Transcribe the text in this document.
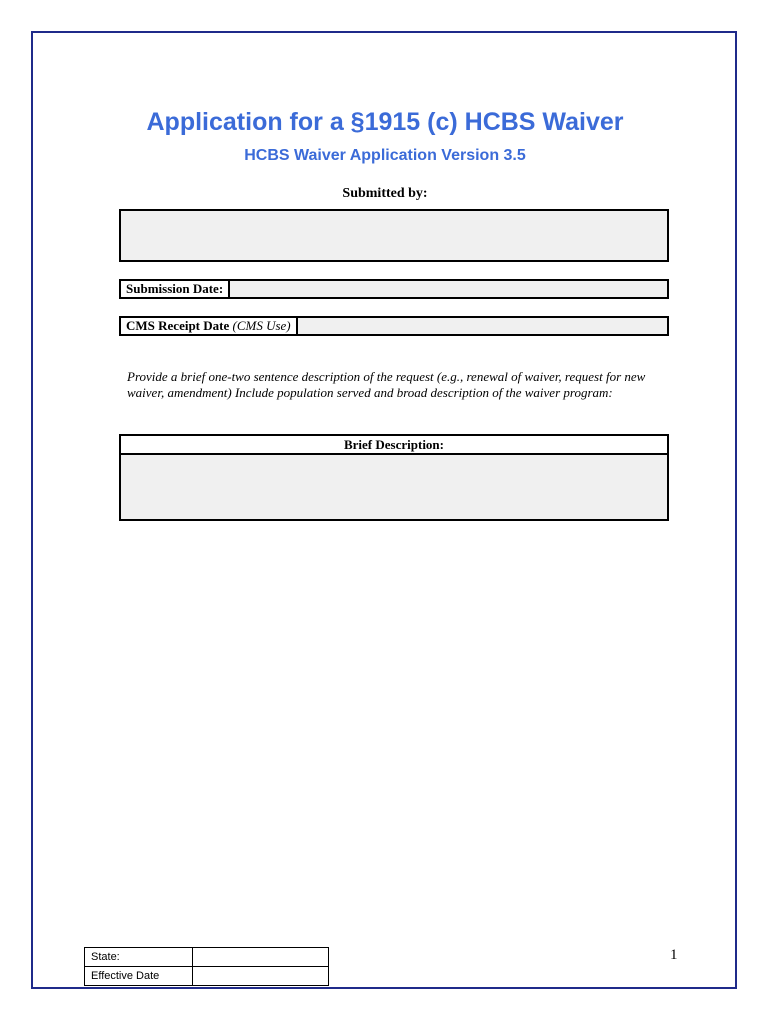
Application for a §1915 (c) HCBS Waiver
HCBS Waiver Application Version 3.5
Submitted by:
Submission Date:
CMS Receipt Date (CMS Use)
Provide a brief one-two sentence description of the request (e.g., renewal of waiver, request for new waiver, amendment) Include population served and broad description of the waiver program:
Brief Description:
1
State:	
Effective Date	
